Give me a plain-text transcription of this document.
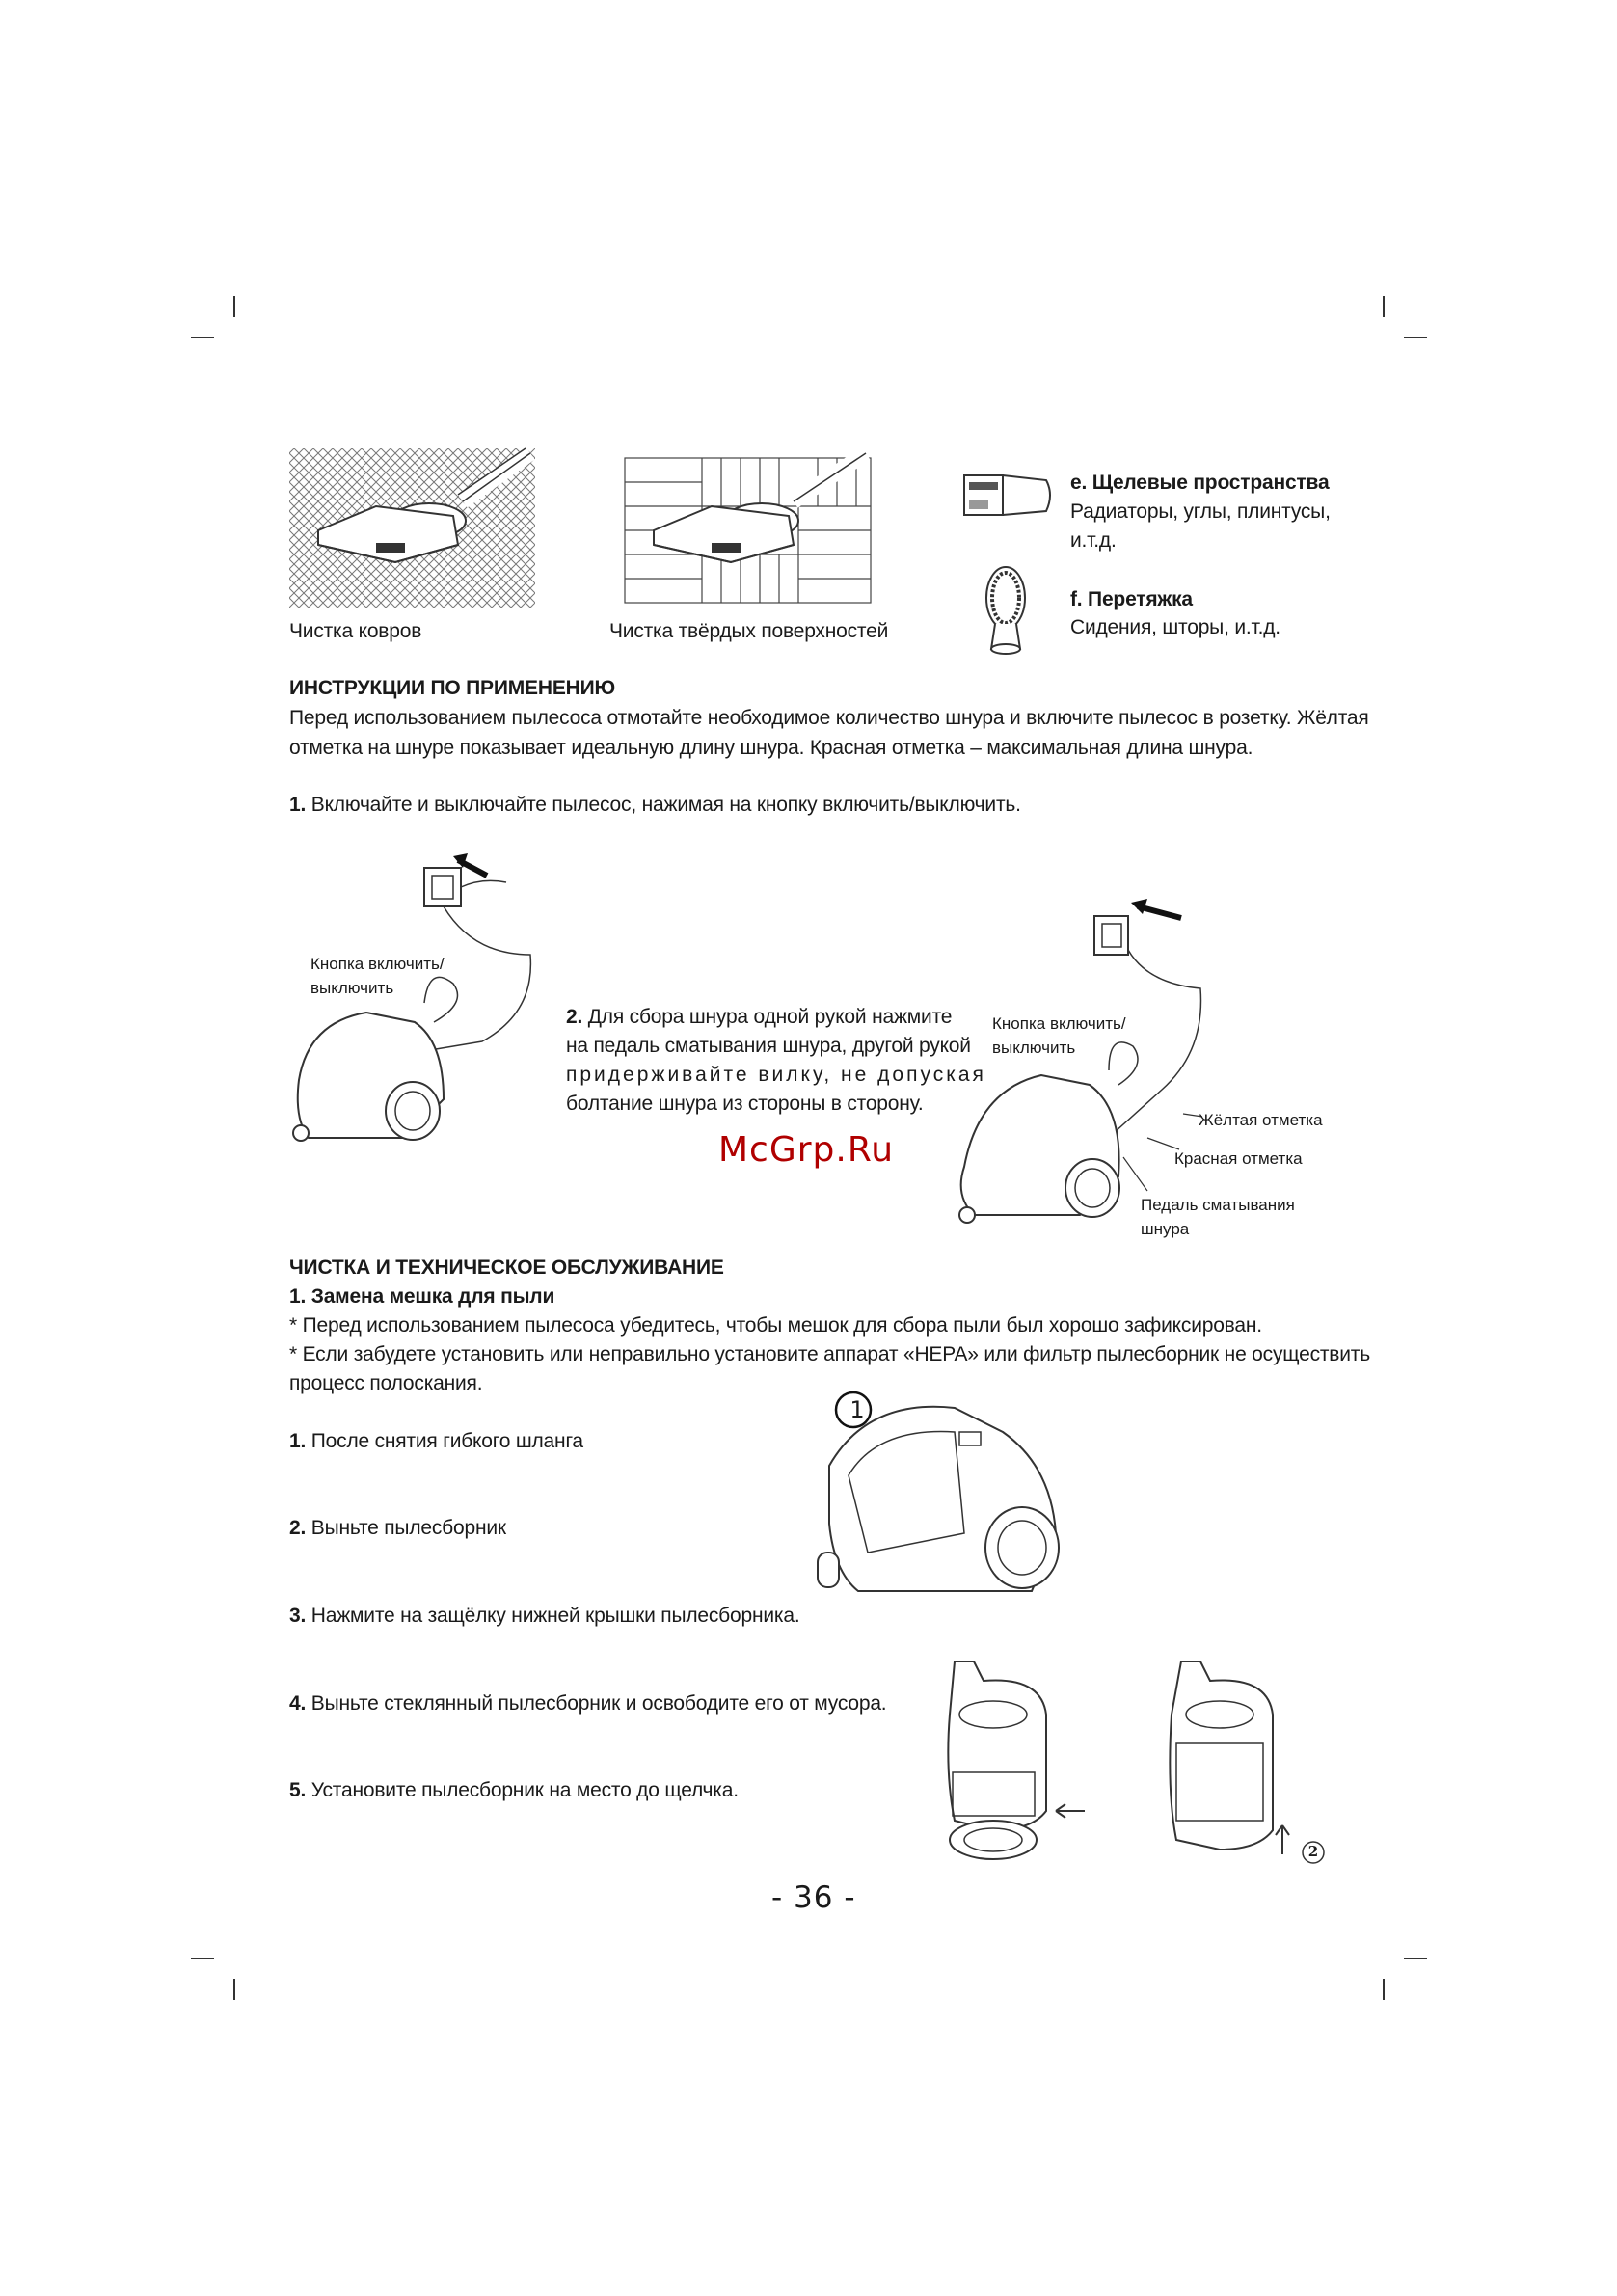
Чистка ковров	Чистка твёрдых поверхностей
e. Щелевые пространства
Радиаторы, углы, плинтусы,
и.т.д.
f. Перетяжка
Сидения, шторы, и.т.д.
ИНСТРУКЦИИ ПО ПРИМЕНЕНИЮ
Перед использованием пылесоса отмотайте необходимое количество шнура и включите пылесос в розетку. Жёлтая
отметка на шнуре показывает идеальную длину шнура. Красная отметка – максимальная длина шнура.
1. Включайте и выключайте пылесос, нажимая на кнопку включить/выключить.
Кнопка включить/
выключить
2. Для сбора шнура одной рукой нажмите
на педаль сматывания шнура, другой рукой
придерживайте вилку, не допуская
болтание шнура из стороны в сторону.
McGrp.Ru
Кнопка включить/
выключить
Жёлтая отметка
Красная отметка
Педаль сматывания
шнура
ЧИСТКА И ТЕХНИЧЕСКОЕ ОБСЛУЖИВАНИЕ
1. Замена мешка для пыли
* Перед использованием пылесоса убедитесь, чтобы мешок для сбора пыли был хорошо зафиксирован.
* Если забудете установить или неправильно установите аппарат «HEPA» или фильтр пылесборник не осуществить
процесс полоскания.
1. После снятия гибкого шланга
2. Выньте пылесборник
3. Нажмите на защёлку нижней крышки пылесборника.
4. Выньте стеклянный пылесборник и освободите его от мусора.
5. Установите пылесборник на место до щелчка.
1
2
- 36 -
